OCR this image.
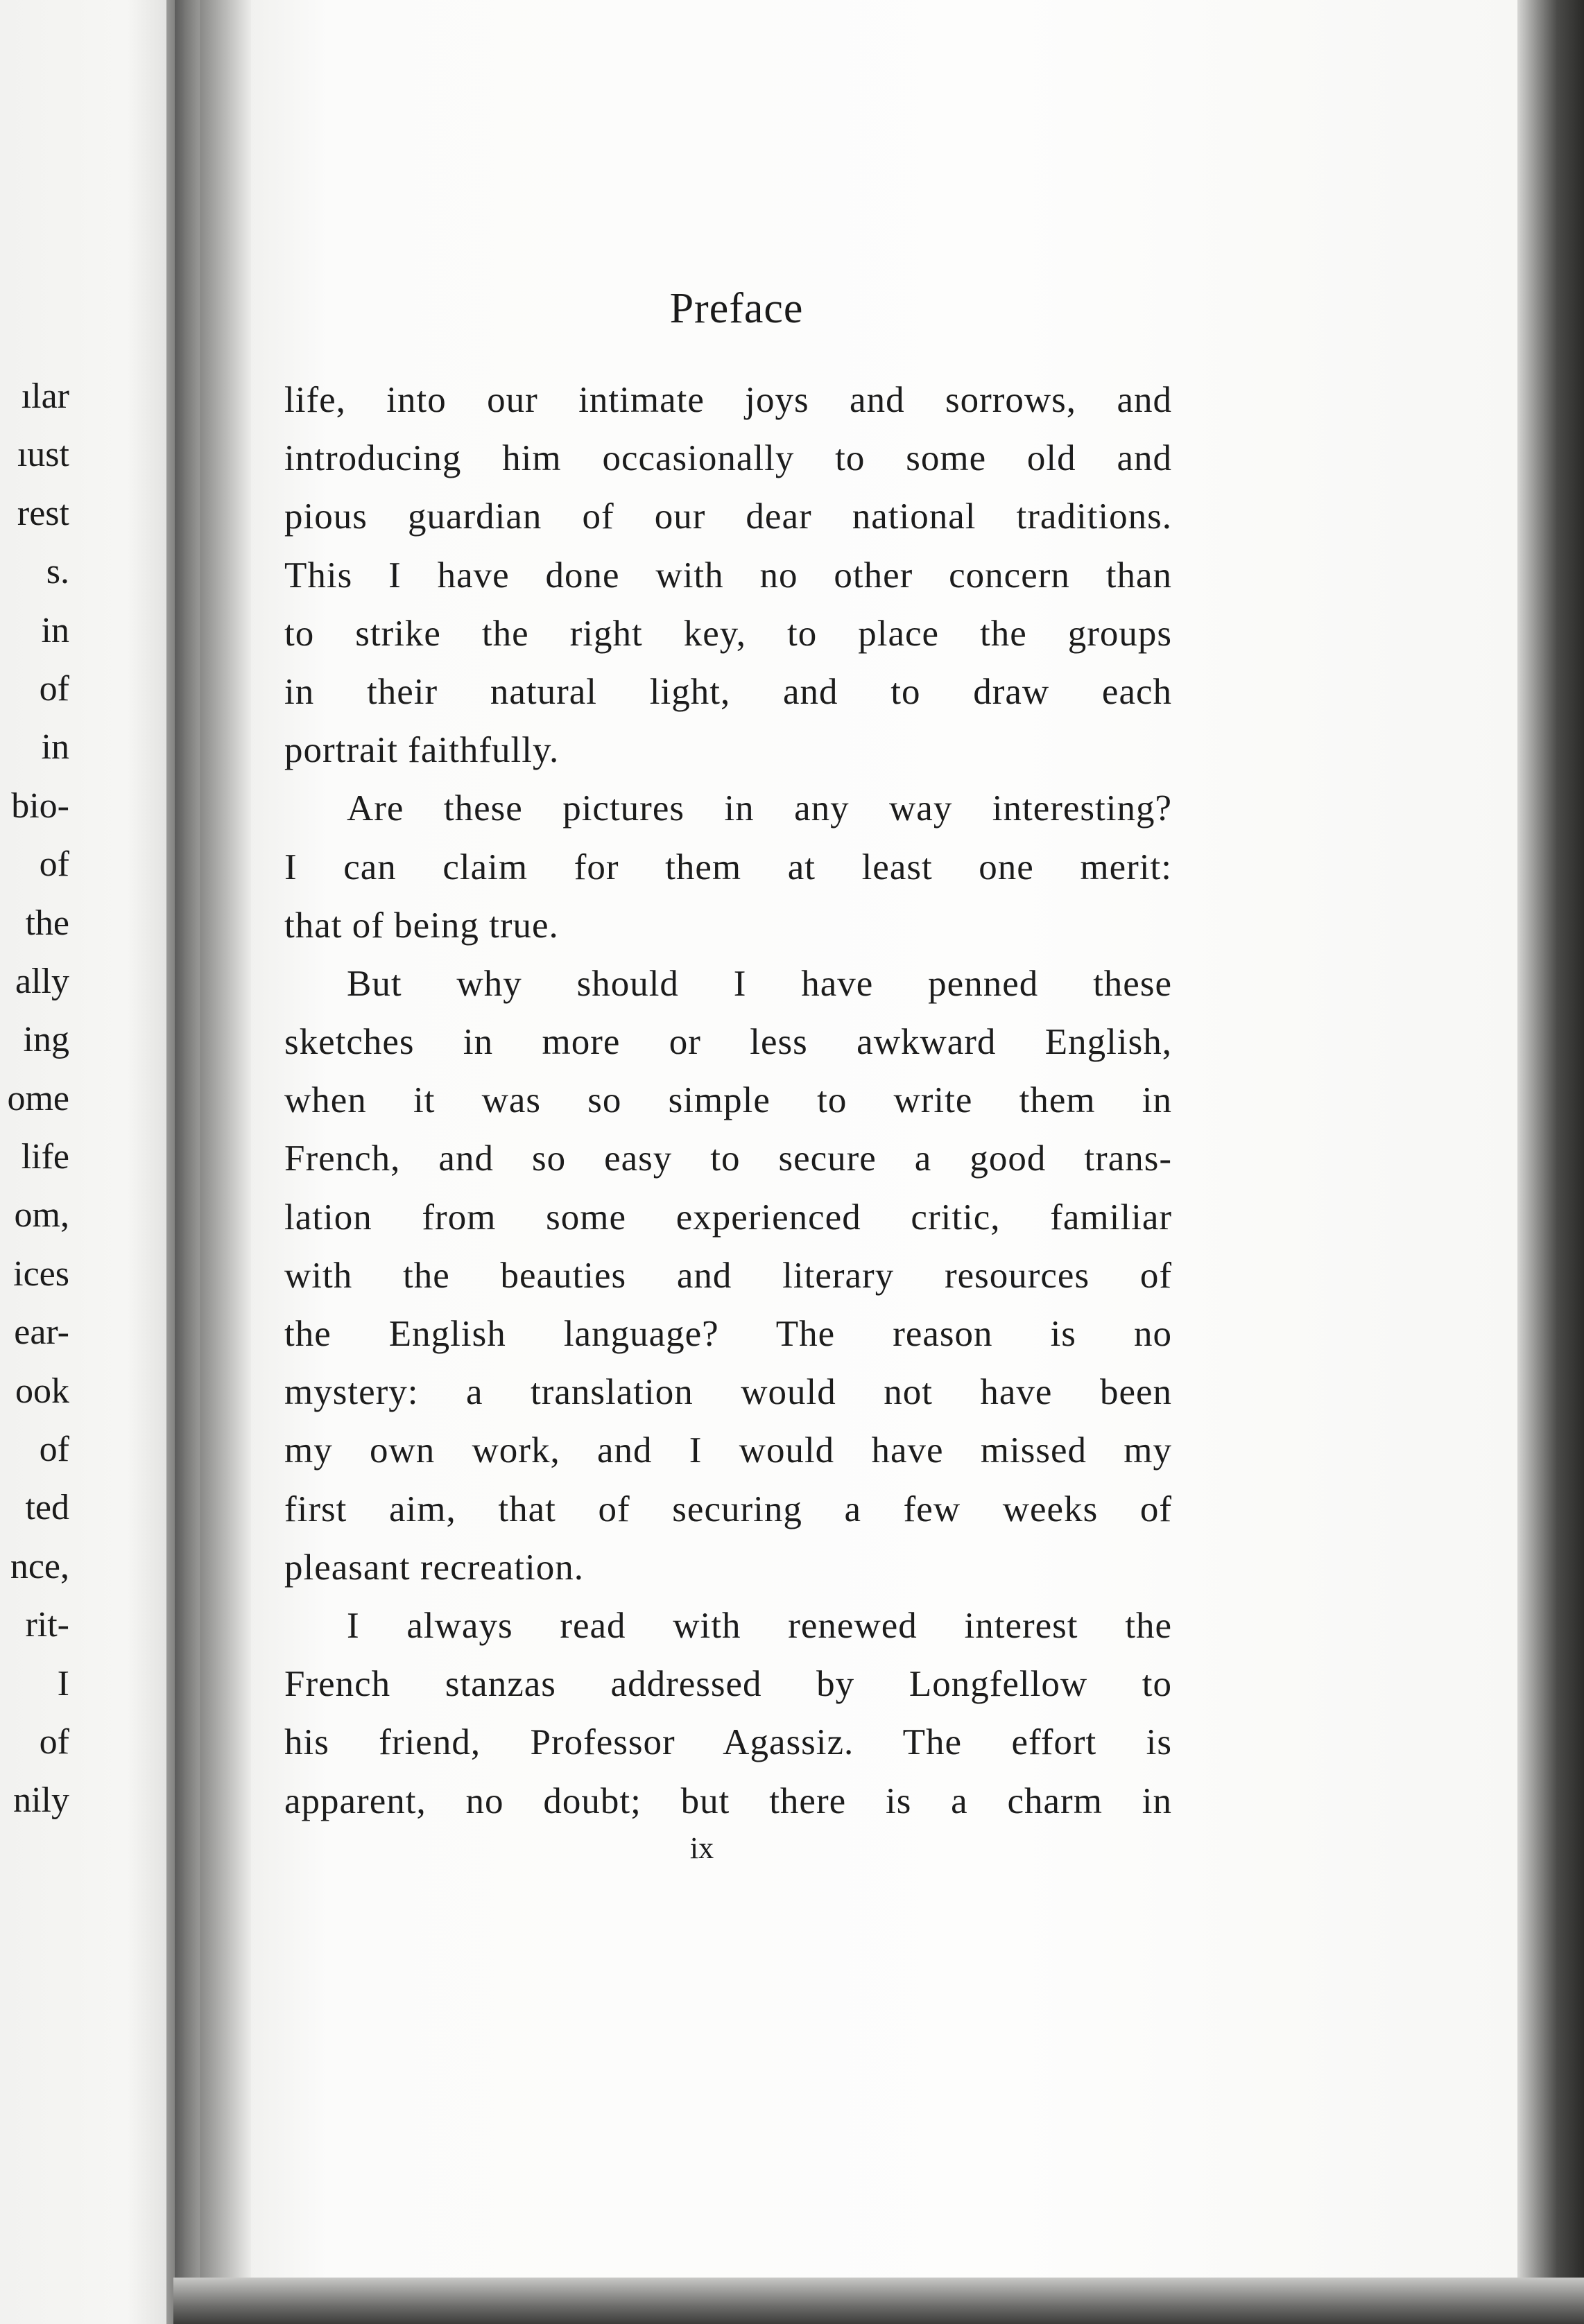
ılar
ıust
rest
s.
in
of
in
bio-
of
the
ally
ing
ome
life
om,
ices
ear-
ook
of
ted
nce,
rit-
I
of
nily
Preface
life, into our intimate joys and sorrows, and
introducing him occasionally to some old and
pious guardian of our dear national traditions.
This I have done with no other concern than
to strike the right key, to place the groups
in their natural light, and to draw each
portrait faithfully.
Are these pictures in any way interesting?
I can claim for them at least one merit:
that of being true.
But why should I have penned these
sketches in more or less awkward English,
when it was so simple to write them in
French, and so easy to secure a good trans-
lation from some experienced critic, familiar
with the beauties and literary resources of
the English language? The reason is no
mystery: a translation would not have been
my own work, and I would have missed my
first aim, that of securing a few weeks of
pleasant recreation.
I always read with renewed interest the
French stanzas addressed by Longfellow to
his friend, Professor Agassiz. The effort is
apparent, no doubt; but there is a charm in
ix
